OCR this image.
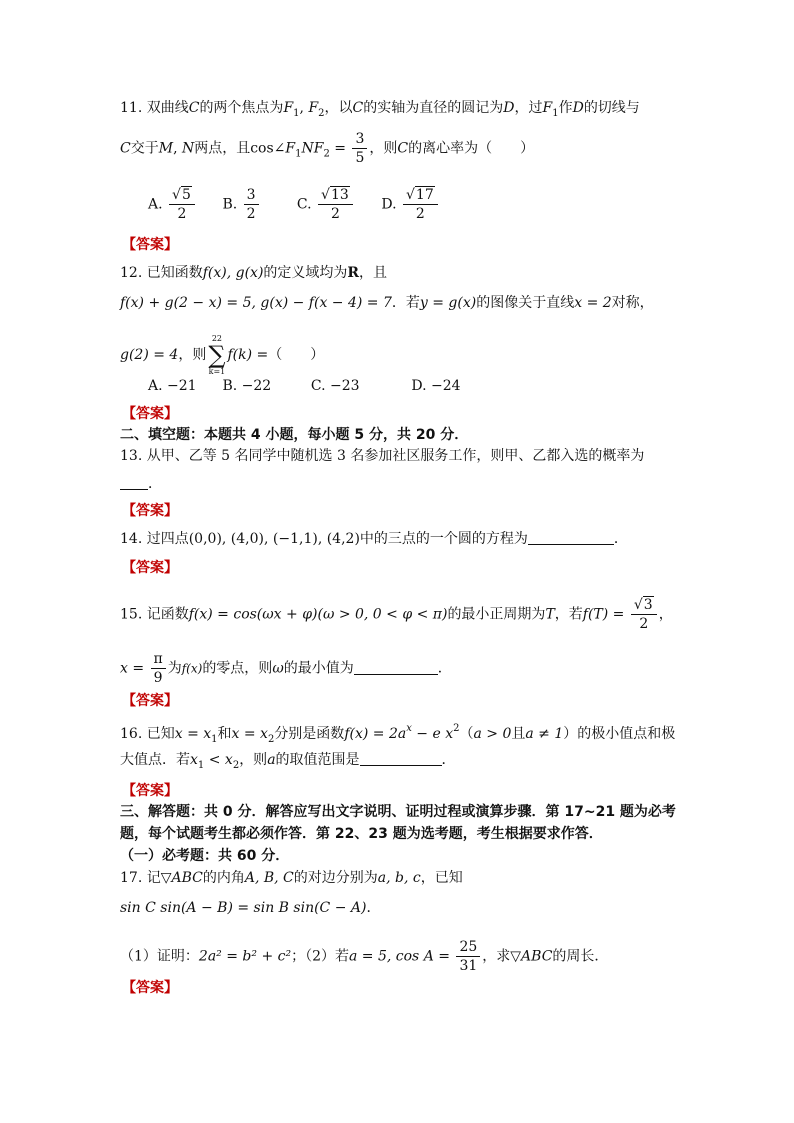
11. 双曲线C的两个焦点为$F_1$, $F_2$，以C的实轴为直径的圆记为D，过$F_1$作D的切线与
C交于M, N两点，且$\cos\angle F_1NF_2 = \frac{3}{5}$ ，则C的离心率为（　　）
A. $\frac{√5}{2} B$. $\frac{3}{2}$	C. $\frac{√13}{2} D$. $\frac{√17}{2}$
【答案】
12. 已知函数f(x), g(x)的定义域均为R，且
f(x) + g(2 − x) = 5, g(x) − f(x − 4) = 7．若y = g(x)的图像关于直线x = 2对称，
g(2) = 4，则
22
∑
k=1
f(k) =（　　）
A. −21 B. −22	C. −23	D. −24
【答案】
二、填空题：本题共 4 小题，每小题 5 分，共 20 分．
13. 从甲、乙等 5 名同学中随机选 3 名参加社区服务工作，则甲、乙都入选的概率为
．
【答案】
14. 过四点(0,0), (4,0), (−1,1), (4,2)中的三点的一个圆的方程为	．
【答案】
15. 记函数f(x) = cos(ωx + φ)(ω > 0, 0 < φ < π)的最小正周期为T，若$f(T) = \frac{√3}{2}$ ，
$x = \frac{\pi}{9}$ 为f(x)的零点，则ω的最小值为	．
【答案】
16. 已知$x = x_1$和$x = x_2$分别是函数$f(x) = 2a^x - e$ $x^2(a > 0$且a ≠ 1）的极小值点和极
大值点．若$x_1 < x_2$，则a的取值范围是	．
【答案】
三、解答题：共 0 分．解答应写出文字说明、证明过程或演算步骤．第 17~21 题为必考
题，每个试题考生都必须作答．第 22、23 题为选考题，考生根据要求作答．
（一）必考题：共 60 分．
17. 记▽ABC的内角A, B, C的对边分别为a, b, c，已知
sin C sin(A − B) = sin B sin(C − A)．
（1）证明：2a² = b² + c²；（2）若a = 5, $\cos A = \frac{25}{31}$ ，求▽ABC的周长．
【答案】
